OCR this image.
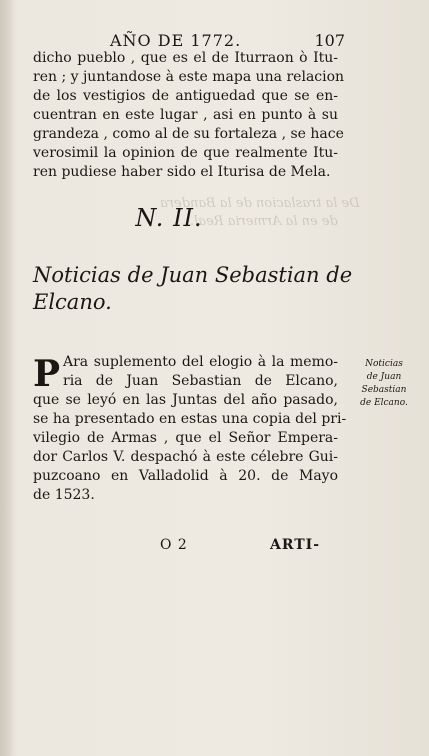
De la traslacion de la Bandera
de en la Armeria Real.
AÑO DE 1772.	107
dicho pueblo , que es el de Iturraon ò Itu-
ren ; y juntandose à este mapa una relacion
de los vestigios de antiguedad que se en-
cuentran en este lugar , asi en punto à su
grandeza , como al de su fortaleza , se hace
verosimil la opinion de que realmente Itu-
ren pudiese haber sido el Iturisa de Mela.
N. II.
Noticias de Juan Sebastian de
Elcano.
P Ara suplemento del elogio à la memo-
ria de Juan Sebastian de Elcano,
que se leyó en las Juntas del año pasado,
se ha presentado en estas una copia del pri-
vilegio de Armas , que el Señor Empera-
dor Carlos V. despachó à este célebre Gui-
puzcoano en Valladolid à 20. de Mayo
de 1523.
Noticias
de Juan
Sebastian
de Elcano.
O 2	ARTI-
